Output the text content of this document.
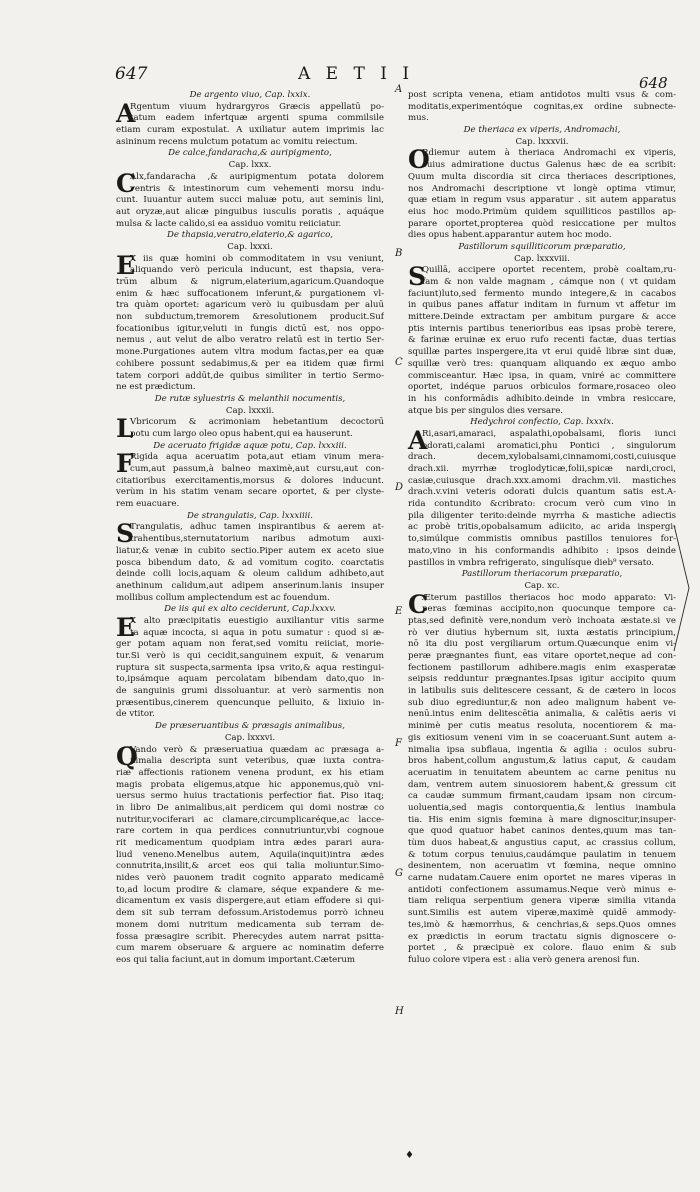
647	A E T I I	648
De argento viuo, Cap. lxxix.
A
Rgentum viuum hydrargyros Græcis appellatū po-
tatum eadem infertquæ argenti spuma commilsile
etiam curam expostulat. A uxiliatur autem imprimis lac
asininum recens mulctum potatum ac vomitu reiectum.
De calce,fandaracha,& auripigmento,
Cap. lxxx.
C
Alx,fandaracha ,& auripigmentum potata dolorem
ventris & intestinorum cum vehementi morsu indu-
cunt. Iuuantur autem succi maluæ potu, aut seminis lini,
aut oryzæ,aut alicæ pinguibus iusculis poratis , aquáque
mulsa & lacte calido,si ea assiduo vomitu reiiciatur.
De thapsia,veratro,elaterio,& agarico,
Cap. lxxxi.
E
X iis quæ homini ob commoditatem in vsu veniunt,
aliquando verò pericula inducunt, est thapsia, vera-
trūm album & nigrum,elaterium,agaricum.Quandoque
enim & hæc suffocationem inferunt,& purgationem vl-
tra quàm oportet: agaricum verò iu quibusdam per aluū
non subductum,tremorem &resolutionem producit.Suf
focationibus igitur,veluti in fungis dictū est, nos oppo-
nemus , aut velut de albo veratro relatū est in tertio Ser-
mone.Purgationes autem vltra modum factas,per ea quæ
cohibere possunt sedabimus,& per ea itidem quæ firmi
tatem corpori addūt,de quibus similiter in tertio Sermo-
ne est prædictum.
De rutæ syluestris & melanthii nocumentis,
Cap. lxxxii.
L
Vbricorum & acrimoniam hebetantium decoctorū
potu cum largo oleo opus habent,qui ea hauserunt.
De aceruato frigidæ aquæ potu, Cap. lxxxiii.
F
Rigida aqua aceruatim pota,aut etiam vinum mera-
cum,aut passum,à balneo maximè,aut cursu,aut con-
citatioribus exercitamentis,morsus & dolores inducunt.
verùm in his statim venam secare oportet, & per clyste-
rem euacuare.
De strangulatis, Cap. lxxxiiii.
S
Trangulatis, adhuc tamen inspirantibus & aerem at-
trahentibus,sternutatorium naribus admotum auxi-
liatur,& venæ in cubito sectio.Piper autem ex aceto siue
posca bibendum dato, & ad vomitum cogito. coarctatis
deinde colli locis,aquam & oleum calidum adhibeto,aut
anethinum calidum,aut adipem anserinum.lanis insuper
mollibus collum amplectendum est ac fouendum.
De iis qui ex alto ceciderunt, Cap.lxxxv.
E
X alto præcipitatis euestigio auxiliantur vitis sarme
ta aquæ incocta, si aqua in potu sumatur : quod si æ-
ger potam aquam non ferat,sed vomitu reiiciat, morie-
tur.Si verò is qui cecidit,sanguinem expuit, & venarum
ruptura sit suspecta,sarmenta ipsa vrito,& aqua restingui-
to,ipsámque aquam percolatam bibendam dato,quo in-
de sanguinis grumi dissoluantur. at verò sarmentis non
præsentibus,cinerem quencunque pelluito, & lixiuio in-
de vtitor.
De præseruantibus & præsagis animalibus,
Cap. lxxxvi.
Q
Vando verò & præseruatiua quædam ac præsaga a-
nimalia descripta sunt veteribus, quæ iuxta contra-
riæ affectionis rationem venena produnt, ex his etiam
magis probata eligemus,atque hic apponemus,quò vni-
uersus sermo huius tractationis perfectior fiat. Piso itaq;
in libro De animalibus,ait perdicem qui domi nostræ co
nutritur,vociferari ac clamare,circumplicaréque,ac lacce-
rare cortem in qua perdices connutriuntur,vbi cognoue
rit medicamentum quodpiam intra ædes parari aura-
liud veneno.Menelbus autem, Aquila(inquit)intra ædes
connutrita,insilit,& arcet eos qui talia moliuntur.Simo-
nides verò pauonem tradit cognito apparato medicamē
to,ad locum prodire & clamare, séque expandere & me-
dicamentum ex vasis dispergere,aut etiam effodere si qui-
dem sit sub terram defossum.Aristodemus porrò ichneu
monem domi nutritum medicamenta sub terram de-
fossa præsagire scribit. Pherecydes autem narrat psitta-
cum marem obseruare & arguere ac nominatim deferre
eos qui talia faciunt,aut in domum important.Cæterum
post scripta venena, etiam antidotos multi vsus & com-
moditatis,experimentóque cognitas,ex ordine subnecte-
mus.
De theriaca ex viperis, Andromachi,
Cap. lxxxvii.
O
Rdiemur autem à theriaca Andromachi ex viperis,
cuius admiratione ductus Galenus hæc de ea scribit:
Quum multa discordia sit circa theriaces descriptiones,
nos Andromachi descriptione vt longè optima vtimur,
quæ etiam in regum vsus apparatur . sit autem apparatus
eius hoc modo.Primùm quidem squilliticos pastillos ap-
parare oportet,propterea quòd resiccatione per multos
dies opus habent.apparantur autem hoc modo.
Pastillorum squilliticorum præparatio,
Cap. lxxxviii.
S
Quillā, accipere oportet recentem, probè coaltam,ru-
fam & non valde magnam , cámque non ( vt quidam
faciunt)luto,sed fermento mundo integere,& in cacabos
in quibus panes affatur inditam in furnum vt affetur im
mittere.Deinde extractam per ambitum purgare & acce
ptis internis partibus tenerioribus eas ipsas probè terere,
& farinæ eruinæ ex eruo rufo recenti factæ, duas tertias
squillæ partes inspergere,ita vt erui quidē libræ sint duæ,
squillæ verò tres: quanquam aliquando ex æquo ambo
commisceantur. Hæc ipsa, in quam, vniré ac committere
oportet, indéque paruos orbiculos formare,rosaceo oleo
in his conformādis adhibito.deinde in vmbra resiccare,
atque bis per singulos dies versare.
Hedychroi confectio, Cap. lxxxix.
A
Ri,asari,amaraci, aspalathi,opobalsami, floris iunci
odorati,calami aromatici,phu Pontici , singulorum
drach. decem,xylobalsami,cinnamomi,costi,cuiusque
drach.xii. myrrhæ troglodyticæ,folii,spicæ nardi,croci,
casiæ,cuiusque drach.xxx.amomi drachm.vii. mastiches
drach.v.vini veteris odorati dulcis quantum satis est.A-
rida contundito &cribrato: crocum verò cum vino in
pila diligenter terito:deinde myrrha & mastiche adiectis
ac probè tritis,opobalsamum adiicito, ac arida inspergi-
to,simúlque commistis omnibus pastillos tenuiores for-
mato,vino in his conformandis adhibito : ipsos deinde
pastillos in vmbra refrigerato, singulísque dieb⁹ versato.
Pastillorum theriacorum præparatio,
Cap. xc.
C
Æterum pastillos theriacos hoc modo apparato: Vi-
peras fœminas accipito,non quocunque tempore ca-
ptas,sed definitè vere,nondum verò inchoata æstate.si ve
rò ver diutius hybernum sit, iuxta æstatis principium,
nō ita diu post vergiliarum ortum.Quæcunque enim vi-
peræ prægnantes fiunt, eas vitare oportet,neque ad con-
fectionem pastillorum adhibere.magis enim exasperatæ
seipsis redduntur prægnantes.Ipsas igitur accipito quum
in latibulis suis delitescere cessant, & de cætero in locos
sub diuo egrediuntur,& non adeo malignum habent ve-
nenū.intus enim delitescētia animalia, & calētis aeris vi
minimè per cutis meatus resoluta, nocentiorem & ma-
gis exitiosum veneni vim in se coaceruant.Sunt autem a-
nimalia ipsa subflaua, ingentia & agilia : oculos subru-
bros habent,collum angustum,& latius caput, & caudam
aceruatim in tenuitatem abeuntem ac carne penitus nu
dam, ventrem autem sinuosiorem habent,& gressum cit
ca caudæ summum firmant,caudam ipsam non circum-
uoluentia,sed magis contorquentia,& lentius inambula
tia. His enim signis fœmina à mare dignoscitur,insuper-
que quod quatuor habet caninos dentes,quum mas tan-
tùm duos habeat,& angustius caput, ac crassius collum,
& totum corpus tenuius,caudámque paulatim in tenuem
desinentem, non aceruatim vt fœmina, neque omnino
carne nudatam.Cauere enim oportet ne mares viperas in
antidoti confectionem assumamus.Neque verò minus e-
tiam reliqua serpentium genera viperæ similia vitanda
sunt.Similis est autem viperæ,maximè quidē ammody-
tes,imò & hæmorrhus, & cenchrias,& seps.Quos omnes
ex prædictis in eorum tractatu signis dignoscere o-
portet , & præcipuè ex colore. flauo enim & sub
fuluo colore vipera est : alia verò genera arenosi fun.
A
B
C
D
E
F
G
H
♦
